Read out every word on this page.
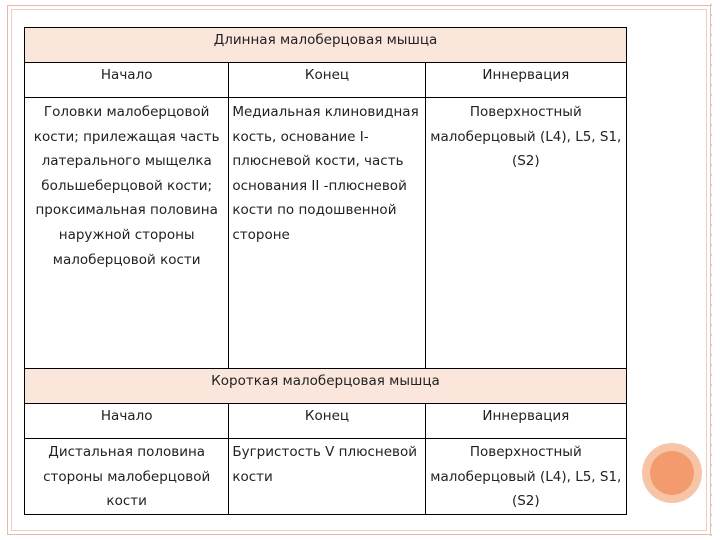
Длинная малоберцовая мышца		
Начало	Конец	Иннервация
Головки малоберцовой кости; прилежащая часть латерального мыщелка большеберцовой кости; проксимальная половина наружной стороны малоберцовой кости	Медиальная клиновидная кость, основание I-плюсневой кости, часть основания II -плюсневой кости по подошвенной стороне	Поверхностный малоберцовый (L4), L5, S1, (S2)
Короткая малоберцовая мышца		
Начало	Конец	Иннервация
Дистальная половина стороны малоберцовой кости	Бугристость V плюсневой кости	Поверхностный малоберцовый (L4), L5, S1, (S2)
